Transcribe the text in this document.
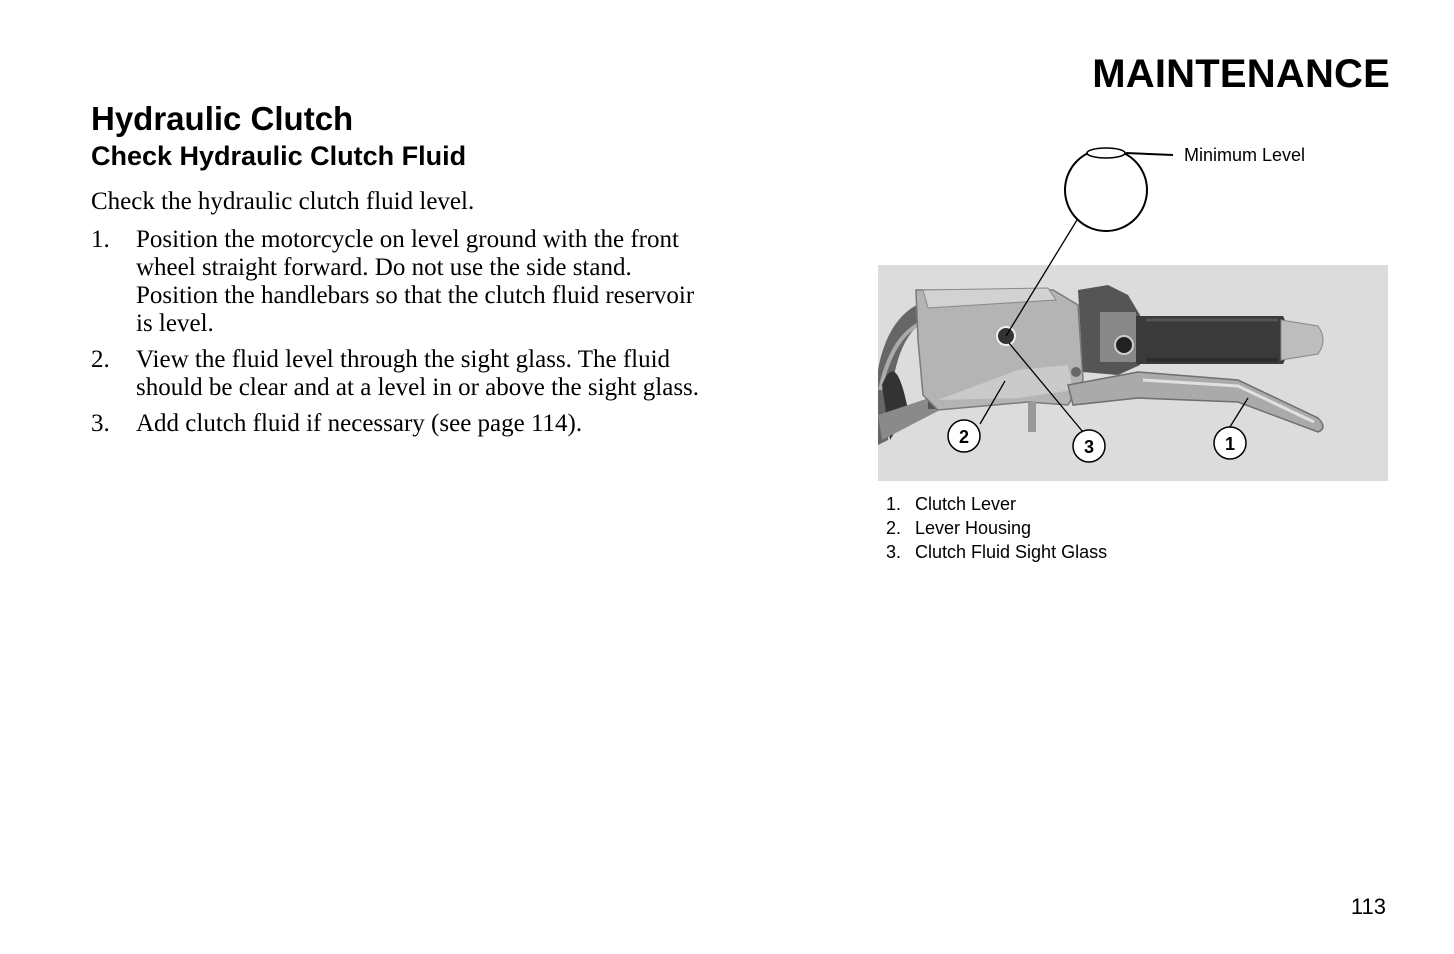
MAINTENANCE
Hydraulic Clutch
Check Hydraulic Clutch Fluid

Check the hydraulic clutch fluid level.

1. Position the motorcycle on level ground with the front wheel straight forward. Do not use the side stand. Position the handlebars so that the clutch fluid reservoir is level.
2. View the fluid level through the sight glass. The fluid should be clear and at a level in or above the sight glass.
3. Add clutch fluid if necessary (see page 114).	2	3	1
Minimum Level
1. Clutch Lever
2. Lever Housing
3. Clutch Fluid Sight Glass
113
